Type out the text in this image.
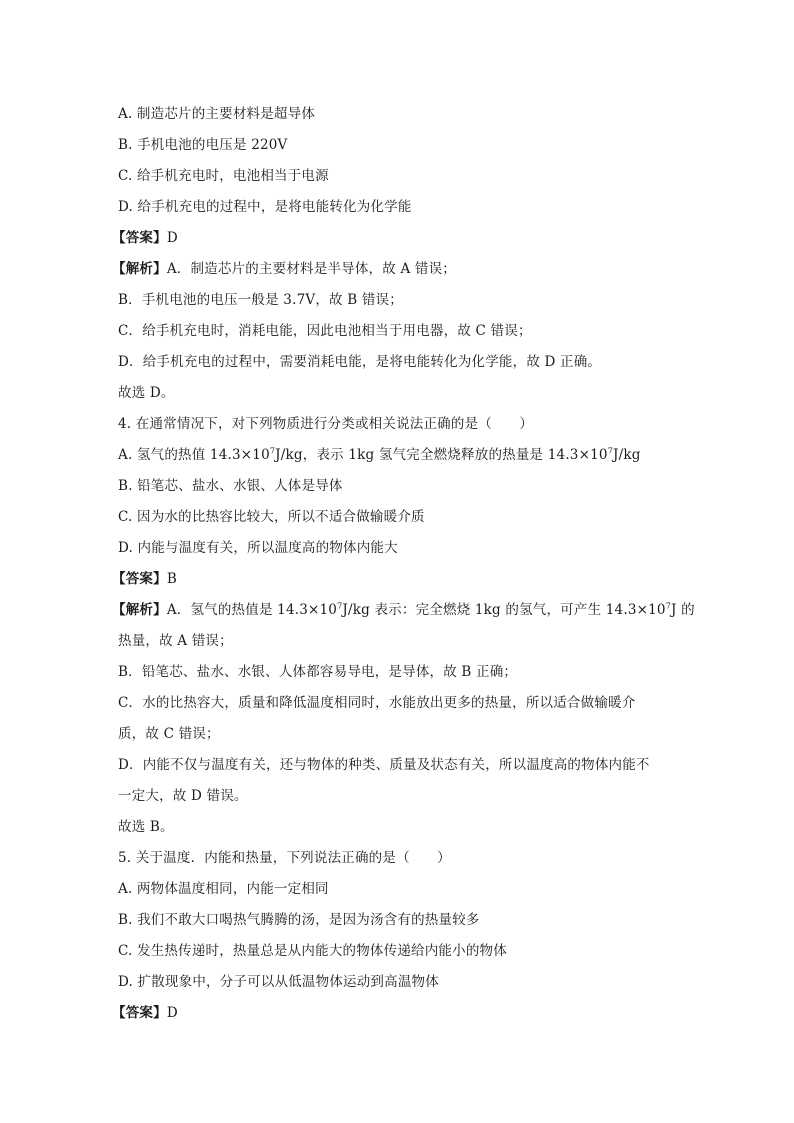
A. 制造芯片的主要材料是超导体
B. 手机电池的电压是 220V
C. 给手机充电时，电池相当于电源
D. 给手机充电的过程中，是将电能转化为化学能
【答案】D
【解析】A．制造芯片的主要材料是半导体，故 A 错误；
B．手机电池的电压一般是 3.7V，故 B 错误；
C．给手机充电时，消耗电能，因此电池相当于用电器，故 C 错误；
D．给手机充电的过程中，需要消耗电能，是将电能转化为化学能，故 D 正确。
故选 D。
4. 在通常情况下，对下列物质进行分类或相关说法正确的是（　　）
A. 氢气的热值 $14.3\times 10^7J/kg$，表示 1kg 氢气完全燃烧释放的热量是 $14.3\times 10^7J/kg$
B. 铅笔芯、盐水、水银、人体是导体
C. 因为水的比热容比较大，所以不适合做输暖介质
D. 内能与温度有关，所以温度高的物体内能大
【答案】B
【解析】A．氢气的热值是 $14.3\times 10^7J/kg$ 表示：完全燃烧 1kg 的氢气，可产生 $14.3\times 10^7J$ 的
热量，故 A 错误；
B．铅笔芯、盐水、水银、人体都容易导电，是导体，故 B 正确；
C．水的比热容大，质量和降低温度相同时，水能放出更多的热量，所以适合做输暖介
质，故 C 错误；
D．内能不仅与温度有关，还与物体的种类、质量及状态有关，所以温度高的物体内能不
一定大，故 D 错误。
故选 B。
5. 关于温度．内能和热量，下列说法正确的是（　　）
A. 两物体温度相同，内能一定相同
B. 我们不敢大口喝热气腾腾的汤，是因为汤含有的热量较多
C. 发生热传递时，热量总是从内能大的物体传递给内能小的物体
D. 扩散现象中，分子可以从低温物体运动到高温物体
【答案】D
